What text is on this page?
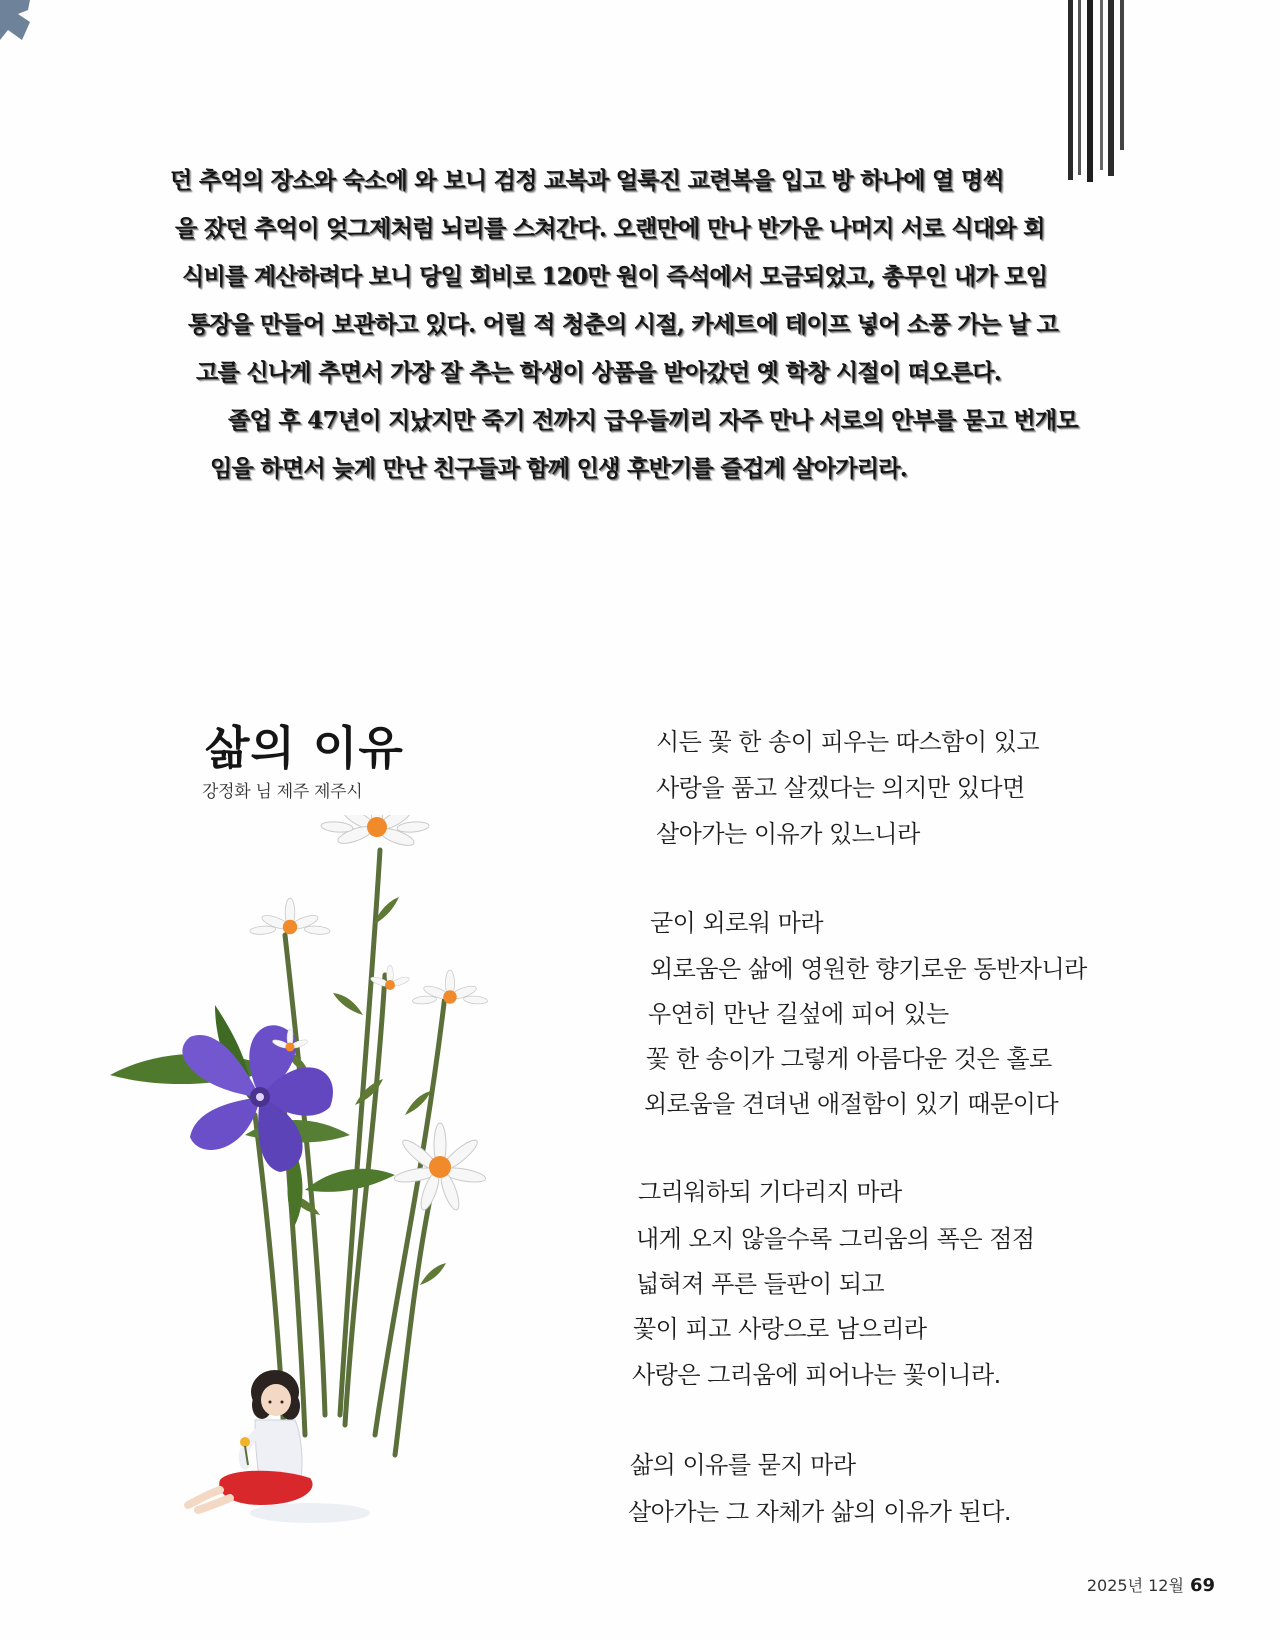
던 추억의 장소와 숙소에 와 보니 검정 교복과 얼룩진 교련복을 입고 방 하나에 열 명씩
을 잤던 추억이 엊그제처럼 뇌리를 스쳐간다. 오랜만에 만나 반가운 나머지 서로 식대와 회
식비를 계산하려다 보니 당일 회비로 120만 원이 즉석에서 모금되었고, 총무인 내가 모임
통장을 만들어 보관하고 있다. 어릴 적 청춘의 시절, 카세트에 테이프 넣어 소풍 가는 날 고
고를 신나게 추면서 가장 잘 추는 학생이 상품을 받아갔던 옛 학창 시절이 떠오른다.
졸업 후 47년이 지났지만 죽기 전까지 급우들끼리 자주 만나 서로의 안부를 묻고 번개모
임을 하면서 늦게 만난 친구들과 함께 인생 후반기를 즐겁게 살아가리라.
삶의 이유
강정화 님 제주 제주시
시든 꽃 한 송이 피우는 따스함이 있고
사랑을 품고 살겠다는 의지만 있다면
살아가는 이유가 있느니라
굳이 외로워 마라
외로움은 삶에 영원한 향기로운 동반자니라
우연히 만난 길섶에 피어 있는
꽃 한 송이가 그렇게 아름다운 것은 홀로
외로움을 견뎌낸 애절함이 있기 때문이다
그리워하되 기다리지 마라
내게 오지 않을수록 그리움의 폭은 점점
넓혀져 푸른 들판이 되고
꽃이 피고 사랑으로 남으리라
사랑은 그리움에 피어나는 꽃이니라.
삶의 이유를 묻지 마라
살아가는 그 자체가 삶의 이유가 된다.
2025년 12월 69
